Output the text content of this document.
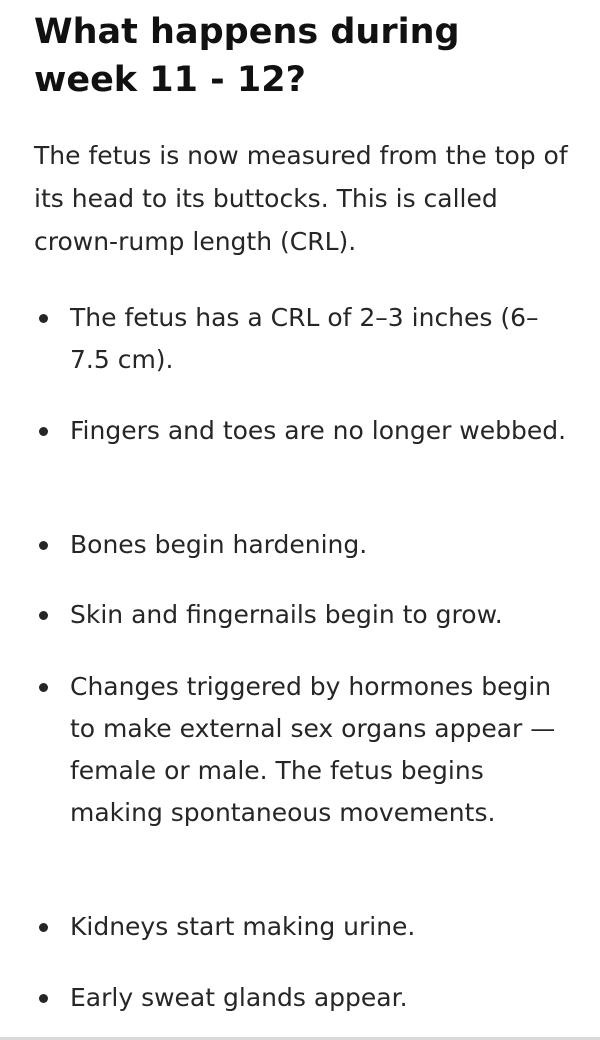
What happens during week 11 - 12?

The fetus is now measured from the top of its head to its buttocks. This is called crown-rump length (CRL).

The fetus has a CRL of 2–3 inches (6–7.5 cm).
Fingers and toes are no longer webbed.
Bones begin hardening.
Skin and fingernails begin to grow.
Changes triggered by hormones begin to make external sex organs appear — female or male. The fetus begins making spontaneous movements.
Kidneys start making urine.
Early sweat glands appear.
